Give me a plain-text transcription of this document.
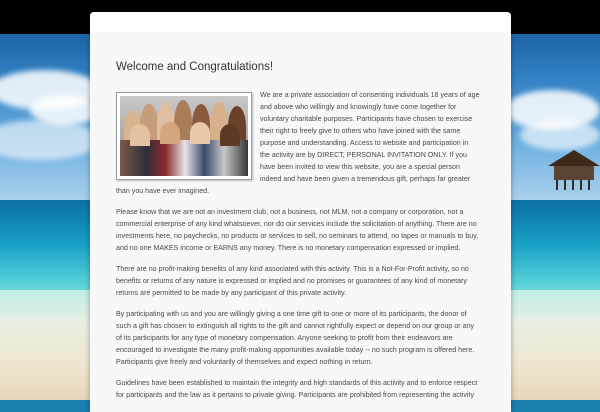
Welcome and Congratulations!

We are a private association of consenting individuals 18 years of age and above who willingly and knowingly have come together for voluntary charitable purposes. Participants have chosen to exercise their right to freely give to others who have joined with the same purpose and understanding. Access to website and participation in the activity are by DIRECT, PERSONAL INVITATION ONLY. If you have been invited to view this website, you are a special person indeed and have been given a tremendous gift, perhaps far greater than you have ever imagined.

Please know that we are not an investment club, not a business, not MLM, not a company or corporation, not a commercial enterprise of any kind whatsoever, nor do our services include the solicitation of anything. There are no investments here, no paychecks, no products or services to sell, no seminars to attend, no tapes or manuals to buy, and no one MAKES income or EARNS any money. There is no monetary compensation expressed or implied.

There are no profit-making benefits of any kind associated with this activity. This is a Not-For-Profit activity, so no benefits or returns of any nature is expressed or implied and no promises or guarantees of any kind of monetary returns are permitted to be made by any participant of this private activity.

By participating with us and you are willingly giving a one time gift to one or more of its participants, the donor of such a gift has chosen to extinguish all rights to the gift and cannot rightfully expect or depend on our group or any of its participants for any type of monetary compensation. Anyone seeking to profit from their endeavors are encouraged to investigate the many profit-making opportunities available today -- no such program is offered here. Participants give freely and voluntarily of themselves and expect nothing in return.

Guidelines have been established to maintain the integrity and high standards of this activity and to enforce respect for participants and the law as it pertains to private giving. Participants are prohibited from representing the activity
